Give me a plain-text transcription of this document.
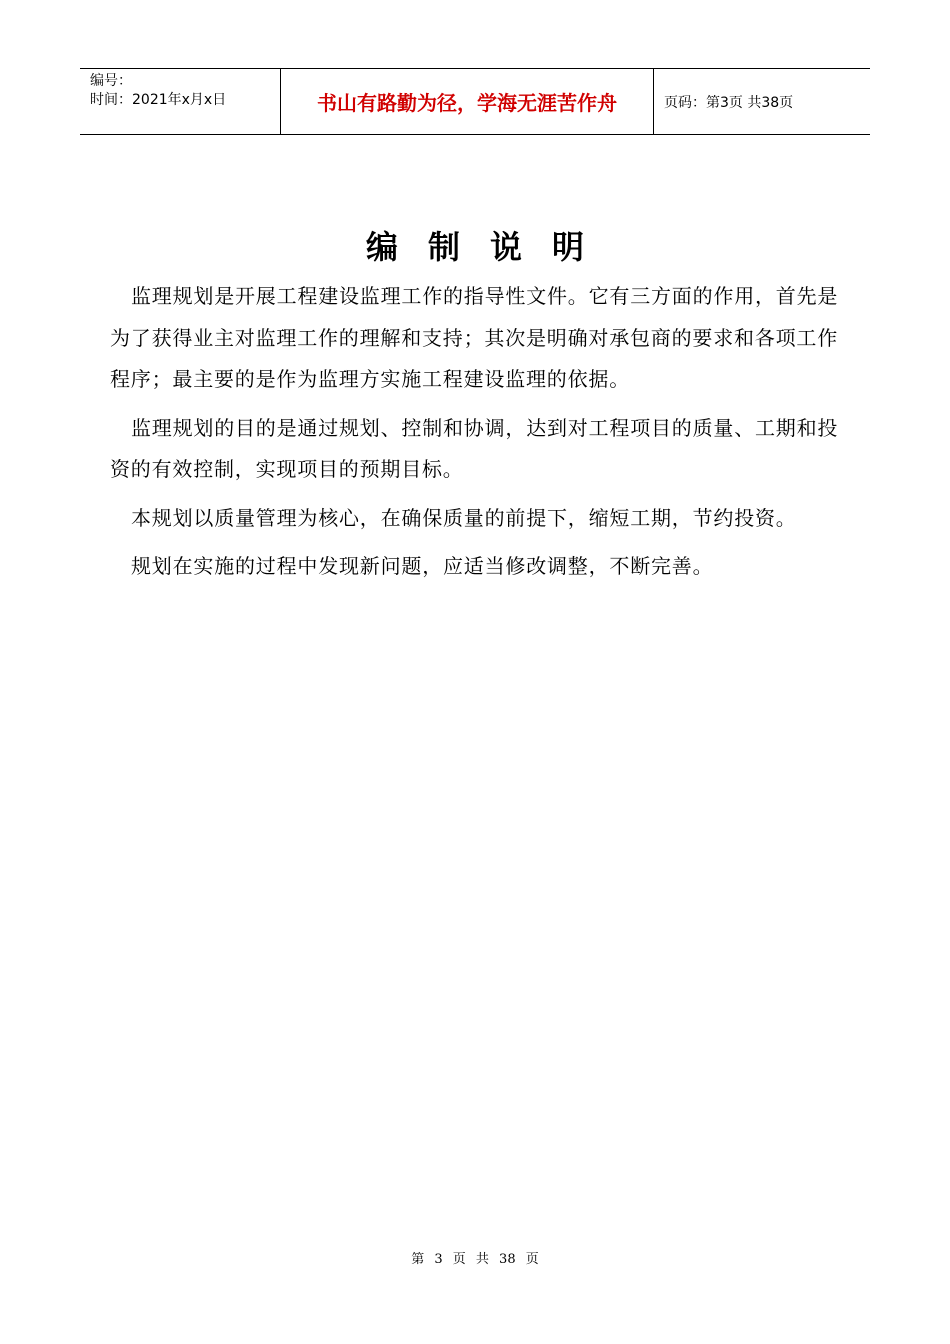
编号：
时间：2021年x月x日	书山有路勤为径，学海无涯苦作舟	页码：第3页 共38页
编制说明

监理规划是开展工程建设监理工作的指导性文件。它有三方面的作用，首先是为了获得业主对监理工作的理解和支持；其次是明确对承包商的要求和各项工作程序；最主要的是作为监理方实施工程建设监理的依据。

监理规划的目的是通过规划、控制和协调，达到对工程项目的质量、工期和投资的有效控制，实现项目的预期目标。

本规划以质量管理为核心，在确保质量的前提下，缩短工期，节约投资。

规划在实施的过程中发现新问题，应适当修改调整，不断完善。

第 3 页 共 38 页
